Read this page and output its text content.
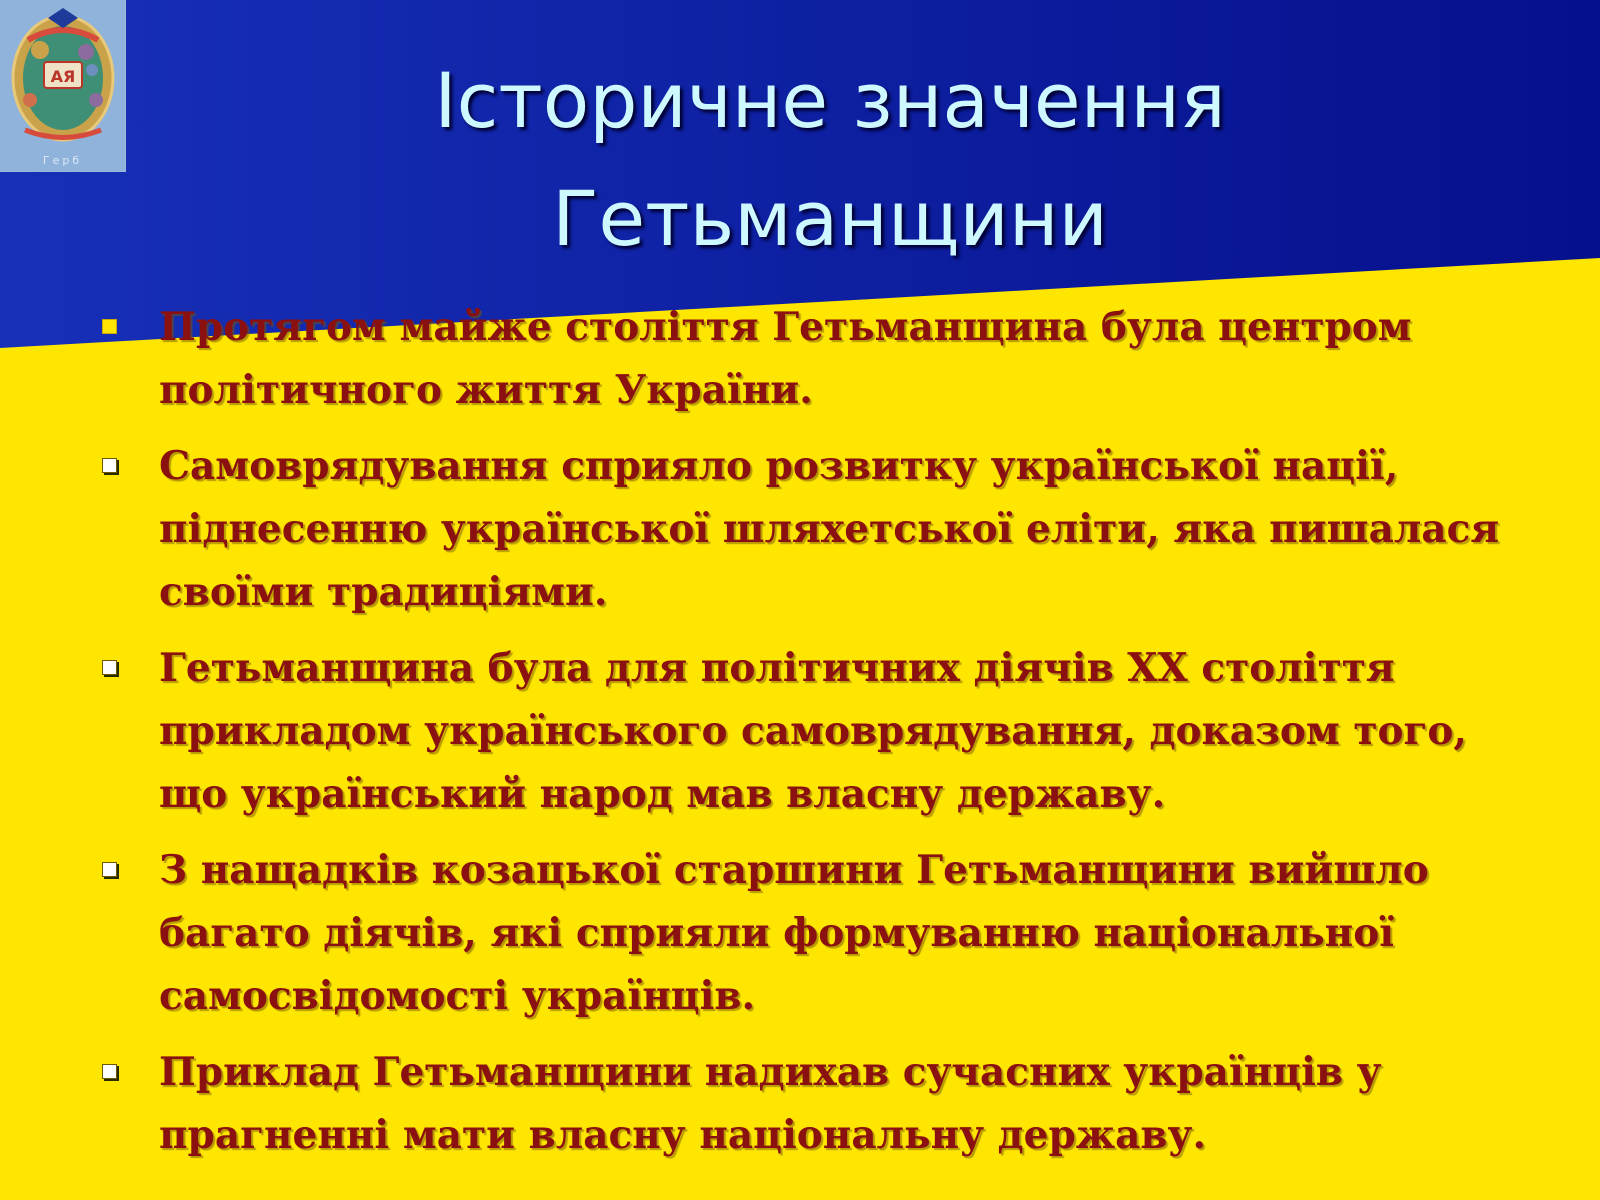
АЯ
Герб
Історичне значення
Гетьманщини
Протягом майже століття Гетьманщина була центром політичного життя України.
Самоврядування сприяло розвитку української нації, піднесенню української шляхетської еліти, яка пишалася своїми традиціями.
Гетьманщина була для політичних діячів XX століття прикладом українського самоврядування, доказом того, що український народ мав власну державу.
З нащадків козацької старшини Гетьманщини вийшло багато діячів, які сприяли формуванню національної самосвідомості українців.
Приклад Гетьманщини надихав сучасних українців у прагненні мати власну національну державу.
